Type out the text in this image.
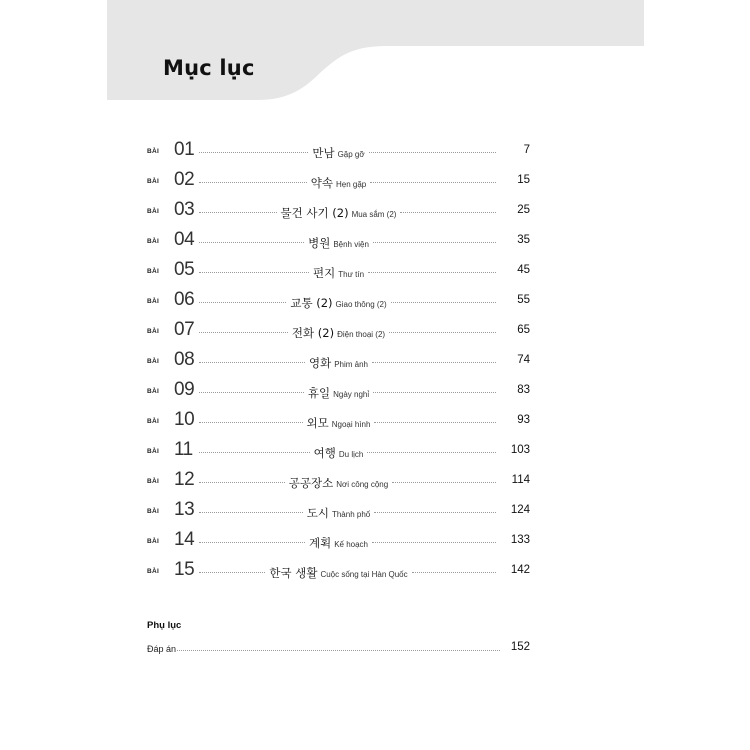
Mục lục
BÀI 01	만남 Gặp gỡ	7
BÀI 02	약속 Hẹn gặp	15
BÀI 03	물건 사기 (2) Mua sắm (2)	25
BÀI 04	병원 Bệnh viện	35
BÀI 05	편지 Thư tín	45
BÀI 06	교통 (2) Giao thông (2)	55
BÀI 07	전화 (2) Điện thoại (2)	65
BÀI 08	영화 Phim ảnh	74
BÀI 09	휴일 Ngày nghỉ	83
BÀI 10	외모 Ngoại hình	93
BÀI 11	여행 Du lịch	103
BÀI 12	공공장소 Nơi công cộng	114
BÀI 13	도시 Thành phố	124
BÀI 14	계획 Kế hoạch	133
BÀI 15	한국 생활 Cuộc sống tại Hàn Quốc	142
Phụ lục
Đáp án	152
